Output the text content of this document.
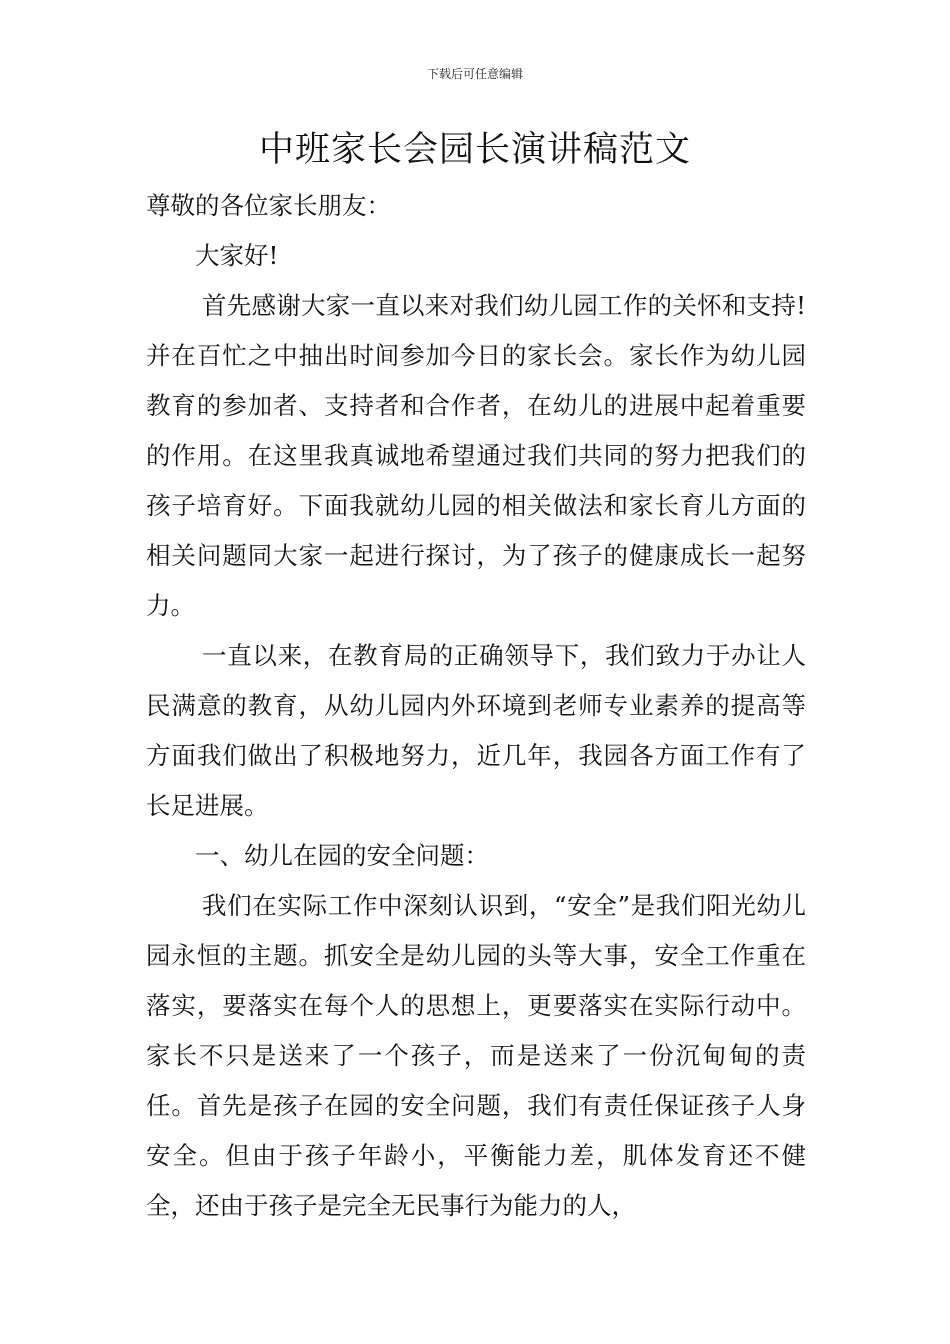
下载后可任意编辑
中班家长会园长演讲稿范文

尊敬的各位家长朋友：

大家好!

首先感谢大家一直以来对我们幼儿园工作的关怀和支持!并在百忙之中抽出时间参加今日的家长会。家长作为幼儿园教育的参加者、支持者和合作者，在幼儿的进展中起着重要的作用。在这里我真诚地希望通过我们共同的努力把我们的孩子培育好。下面我就幼儿园的相关做法和家长育儿方面的相关问题同大家一起进行探讨，为了孩子的健康成长一起努力。

一直以来，在教育局的正确领导下，我们致力于办让人民满意的教育，从幼儿园内外环境到老师专业素养的提高等方面我们做出了积极地努力，近几年，我园各方面工作有了长足进展。

一、幼儿在园的安全问题：

我们在实际工作中深刻认识到，“安全”是我们阳光幼儿园永恒的主题。抓安全是幼儿园的头等大事，安全工作重在落实，要落实在每个人的思想上，更要落实在实际行动中。家长不只是送来了一个孩子，而是送来了一份沉甸甸的责任。首先是孩子在园的安全问题，我们有责任保证孩子人身安全。但由于孩子年龄小，平衡能力差，肌体发育还不健全，还由于孩子是完全无民事行为能力的人，
